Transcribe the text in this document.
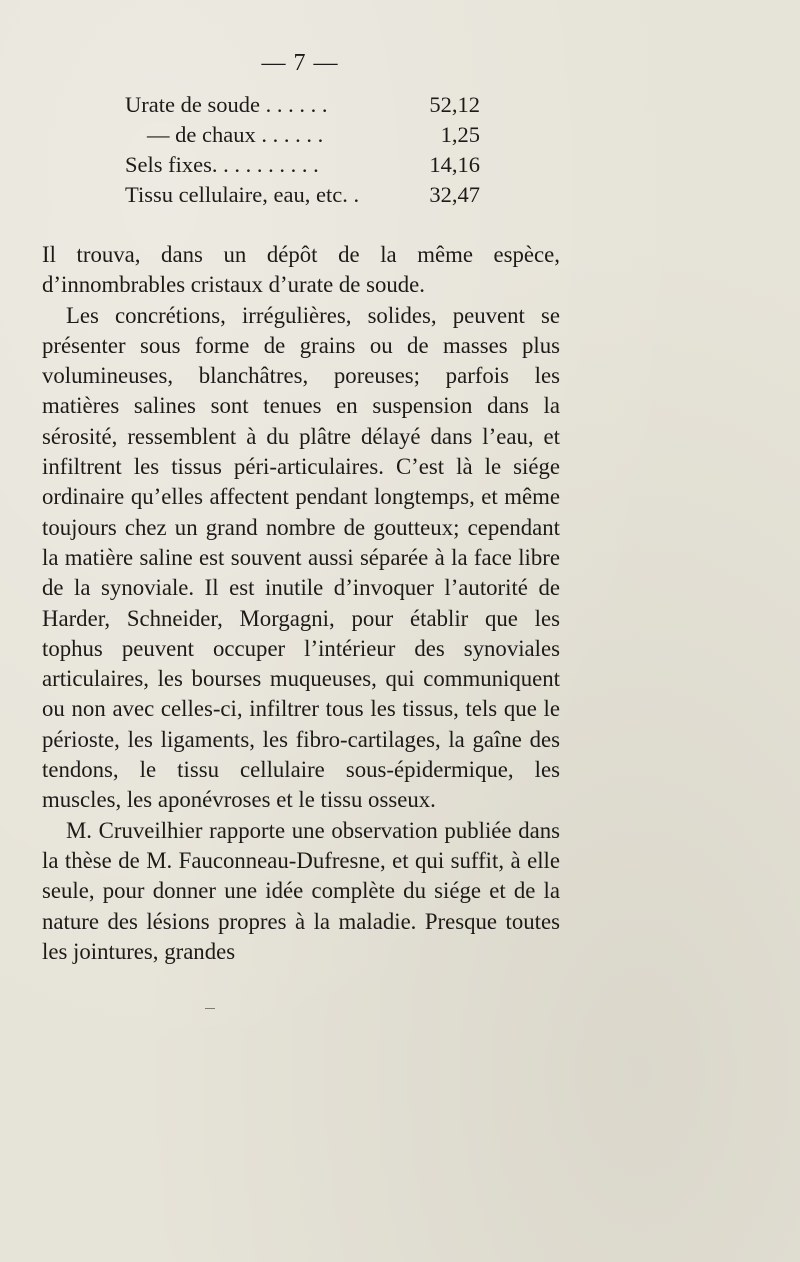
— 7 —
Urate de soude . . . . . .	52,12
— de chaux . . . . . .	1,25
Sels fixes. . . . . . . . . .	14,16
Tissu cellulaire, eau, etc. .	32,47

Il trouva, dans un dépôt de la même espèce, d’innombrables cristaux d’urate de soude.

Les concrétions, irrégulières, solides, peuvent se présenter sous forme de grains ou de masses plus volumineuses, blanchâtres, poreuses; parfois les matières salines sont tenues en suspension dans la sérosité, ressemblent à du plâtre délayé dans l’eau, et infiltrent les tissus péri-articulaires. C’est là le siége ordinaire qu’elles affectent pendant longtemps, et même toujours chez un grand nombre de goutteux; cependant la matière saline est souvent aussi séparée à la face libre de la synoviale. Il est inutile d’invoquer l’autorité de Harder, Schneider, Morgagni, pour établir que les tophus peuvent occuper l’intérieur des synoviales articulaires, les bourses muqueuses, qui communiquent ou non avec celles-ci, infiltrer tous les tissus, tels que le périoste, les ligaments, les fibro-cartilages, la gaîne des tendons, le tissu cellulaire sous-épidermique, les muscles, les aponévroses et le tissu osseux.

M. Cruveilhier rapporte une observation publiée dans la thèse de M. Fauconneau-Dufresne, et qui suffit, à elle seule, pour donner une idée complète du siége et de la nature des lésions propres à la maladie. Presque toutes les jointures, grandes
